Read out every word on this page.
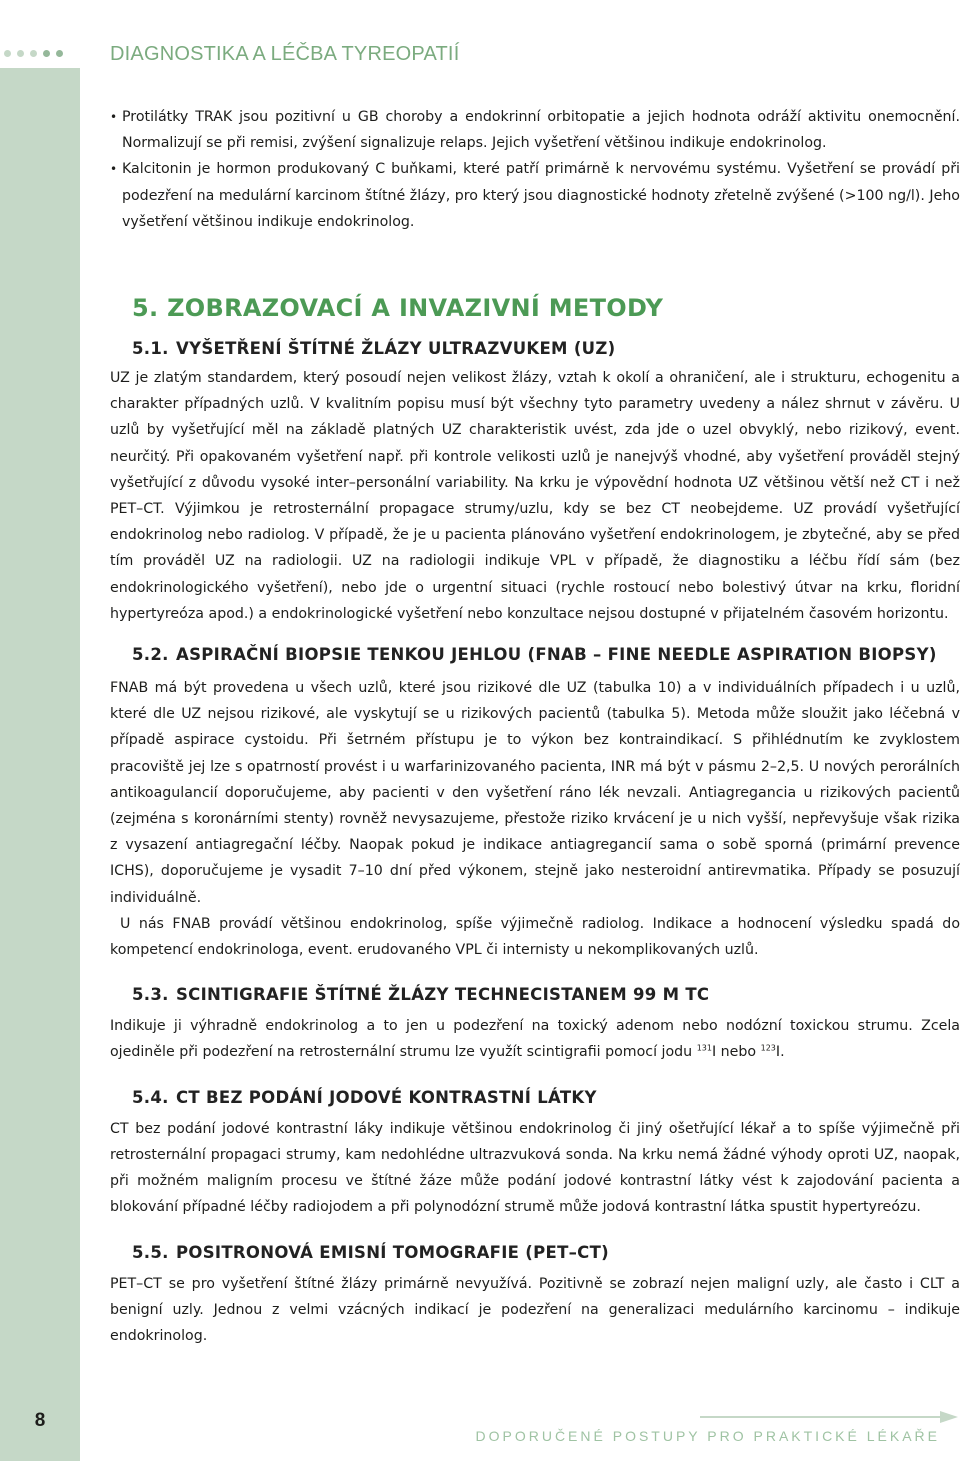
DIAGNOSTIKA A LÉČBA TYREOPATIÍ
• Protilátky TRAK jsou pozitivní u GB choroby a endokrinní orbitopatie a jejich hodnota odráží aktivitu onemocnění. Normalizují se při remisi, zvýšení signalizuje relaps. Jejich vyšetření většinou indikuje endokrinolog.
• Kalcitonin je hormon produkovaný C buňkami, které patří primárně k nervovému systému. Vyšetření se provádí při podezření na medulární karcinom štítné žlázy, pro který jsou diagnostické hodnoty zřetelně zvýšené (>100 ng/l). Jeho vyšetření většinou indikuje endokrinolog.
5. ZOBRAZOVACÍ A INVAZIVNÍ METODY
5.1. VYŠETŘENÍ ŠTÍTNÉ ŽLÁZY ULTRAZVUKEM (UZ)

UZ je zlatým standardem, který posoudí nejen velikost žlázy, vztah k okolí a ohraničení, ale i strukturu, echogenitu a charakter případných uzlů. V kvalitním popisu musí být všechny tyto parametry uvedeny a nález shrnut v závěru. U uzlů by vyšetřující měl na základě platných UZ charakteristik uvést, zda jde o uzel obvyklý, nebo rizikový, event. neurčitý. Při opakovaném vyšetření např. při kontrole velikosti uzlů je nanejvýš vhodné, aby vyšetření prováděl stejný vyšetřující z důvodu vysoké inter–personální variability. Na krku je výpovědní hodnota UZ většinou větší než CT i než PET–CT. Výjimkou je retrosternální propagace strumy/uzlu, kdy se bez CT neobejdeme. UZ provádí vyšetřující endokrinolog nebo radiolog. V případě, že je u pacienta plánováno vyšetření endokrinologem, je zbytečné, aby se před tím prováděl UZ na radiologii. UZ na radiologii indikuje VPL v případě, že diagnostiku a léčbu řídí sám (bez endokrinologického vyšetření), nebo jde o urgentní situaci (rychle rostoucí nebo bolestivý útvar na krku, floridní hypertyreóza apod.) a endokrinologické vyšetření nebo konzultace nejsou dostupné v přijatelném časovém horizontu.

5.2. ASPIRAČNÍ BIOPSIE TENKOU JEHLOU (FNAB – FINE NEEDLE ASPIRATION BIOPSY)

FNAB má být provedena u všech uzlů, které jsou rizikové dle UZ (tabulka 10) a v individuálních případech i u uzlů, které dle UZ nejsou rizikové, ale vyskytují se u rizikových pacientů (tabulka 5). Metoda může sloužit jako léčebná v případě aspirace cystoidu. Při šetrném přístupu je to výkon bez kontraindikací. S přihlédnutím ke zvyklostem pracoviště jej lze s opatrností provést i u warfarinizovaného pacienta, INR má být v pásmu 2–2,5. U nových perorálních antikoagulancií doporučujeme, aby pacienti v den vyšetření ráno lék nevzali. Antiagregancia u rizikových pacientů (zejména s koronárními stenty) rovněž nevysazujeme, přestože riziko krvácení je u nich vyšší, nepřevyšuje však rizika z vysazení antiagregační léčby. Naopak pokud je indikace antiagregancií sama o sobě sporná (primární prevence ICHS), doporučujeme je vysadit 7–10 dní před výkonem, stejně jako nesteroidní antirevmatika. Případy se posuzují individuálně.

U nás FNAB provádí většinou endokrinolog, spíše výjimečně radiolog. Indikace a hodnocení výsledku spadá do kompetencí endokrinologa, event. erudovaného VPL či internisty u nekomplikovaných uzlů.

5.3. SCINTIGRAFIE ŠTÍTNÉ ŽLÁZY TECHNECISTANEM 99 M TC

Indikuje ji výhradně endokrinolog a to jen u podezření na toxický adenom nebo nodózní toxickou strumu. Zcela ojediněle při podezření na retrosternální strumu lze využít scintigrafii pomocí jodu $^{131}$I nebo $^{123}$I.

5.4. CT BEZ PODÁNÍ JODOVÉ KONTRASTNÍ LÁTKY

CT bez podání jodové kontrastní láky indikuje většinou endokrinolog či jiný ošetřující lékař a to spíše výjimečně při retrosternální propagaci strumy, kam nedohlédne ultrazvuková sonda. Na krku nemá žádné výhody oproti UZ, naopak, při možném maligním procesu ve štítné žáze může podání jodové kontrastní látky vést k zajodování pacienta a blokování případné léčby radiojodem a při polynodózní strumě může jodová kontrastní látka spustit hypertyreózu.

5.5. POSITRONOVÁ EMISNÍ TOMOGRAFIE (PET–CT)

PET–CT se pro vyšetření štítné žlázy primárně nevyužívá. Pozitivně se zobrazí nejen maligní uzly, ale často i CLT a benigní uzly. Jednou z velmi vzácných indikací je podezření na generalizaci medulárního karcinomu – indikuje endokrinolog.

8
DOPORUČENÉ POSTUPY PRO PRAKTICKÉ LÉKAŘE
